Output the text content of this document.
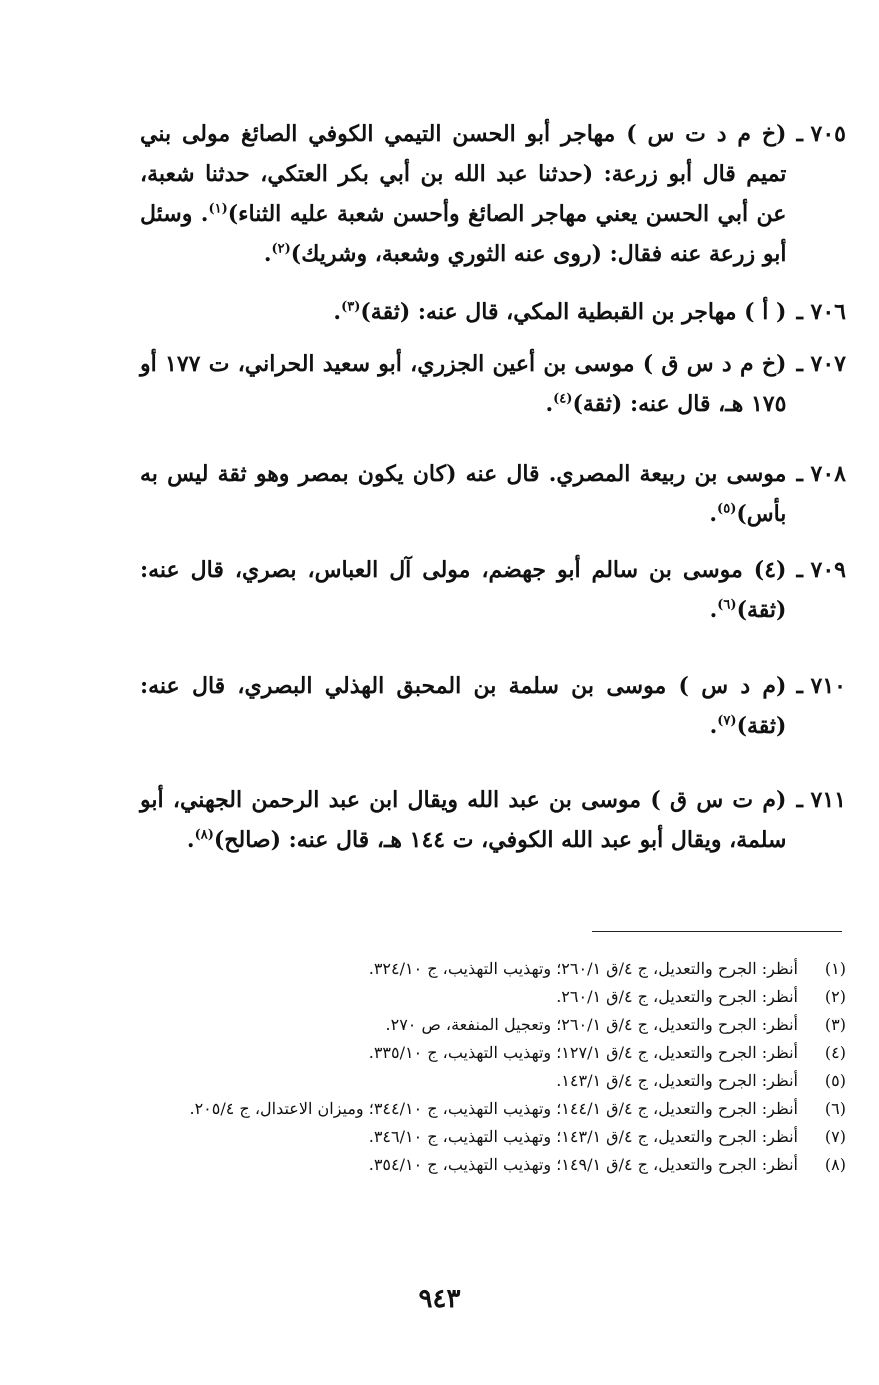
٧٠٥ ـ
(خ م د ت س ) مهاجر أبو الحسن التيمي الكوفي الصائغ مولى بني تميم قال أبو زرعة: (حدثنا عبد الله بن أبي بكر العتكي، حدثنا شعبة، عن أبي الحسن يعني مهاجر الصائغ وأحسن شعبة عليه الثناء)$^{(١)}$. وسئل أبو زرعة عنه فقال: (روى عنه الثوري وشعبة، وشريك)$^{(٢)}$.
٧٠٦ ـ
( أ ) مهاجر بن القبطية المكي، قال عنه: (ثقة)$^{(٣)}$.
٧٠٧ ـ
(خ م د س ق ) موسى بن أعين الجزري، أبو سعيد الحراني، ت ١٧٧ أو ١٧٥ هـ، قال عنه: (ثقة)$^{(٤)}$.
٧٠٨ ـ
موسى بن ربيعة المصري. قال عنه (كان يكون بمصر وهو ثقة ليس به بأس)$^{(٥)}$.
٧٠٩ ـ
(٤) موسى بن سالم أبو جهضم، مولى آل العباس، بصري، قال عنه: (ثقة)$^{(٦)}$.
٧١٠ ـ
(م د س ) موسى بن سلمة بن المحبق الهذلي البصري، قال عنه: (ثقة)$^{(٧)}$.
٧١١ ـ
(م ت س ق ) موسى بن عبد الله ويقال ابن عبد الرحمن الجهني، أبو سلمة، ويقال أبو عبد الله الكوفي، ت ١٤٤ هـ، قال عنه: (صالح)$^{(٨)}$.
(١)
أنظر: الجرح والتعديل، ج ٤/ق ٢٦٠/١؛ وتهذيب التهذيب، ج ٣٢٤/١٠.
(٢)
أنظر: الجرح والتعديل، ج ٤/ق ٢٦٠/١.
(٣)
أنظر: الجرح والتعديل، ج ٤/ق ٢٦٠/١؛ وتعجيل المنفعة، ص ٢٧٠.
(٤)
أنظر: الجرح والتعديل، ج ٤/ق ١٢٧/١؛ وتهذيب التهذيب، ج ٣٣٥/١٠.
(٥)
أنظر: الجرح والتعديل، ج ٤/ق ١٤٣/١.
(٦)
أنظر: الجرح والتعديل، ج ٤/ق ١٤٤/١؛ وتهذيب التهذيب، ج ٣٤٤/١٠؛ وميزان الاعتدال، ج ٢٠٥/٤.
(٧)
أنظر: الجرح والتعديل، ج ٤/ق ١٤٣/١؛ وتهذيب التهذيب، ج ٣٤٦/١٠.
(٨)
أنظر: الجرح والتعديل، ج ٤/ق ١٤٩/١؛ وتهذيب التهذيب، ج ٣٥٤/١٠.
٩٤٣
